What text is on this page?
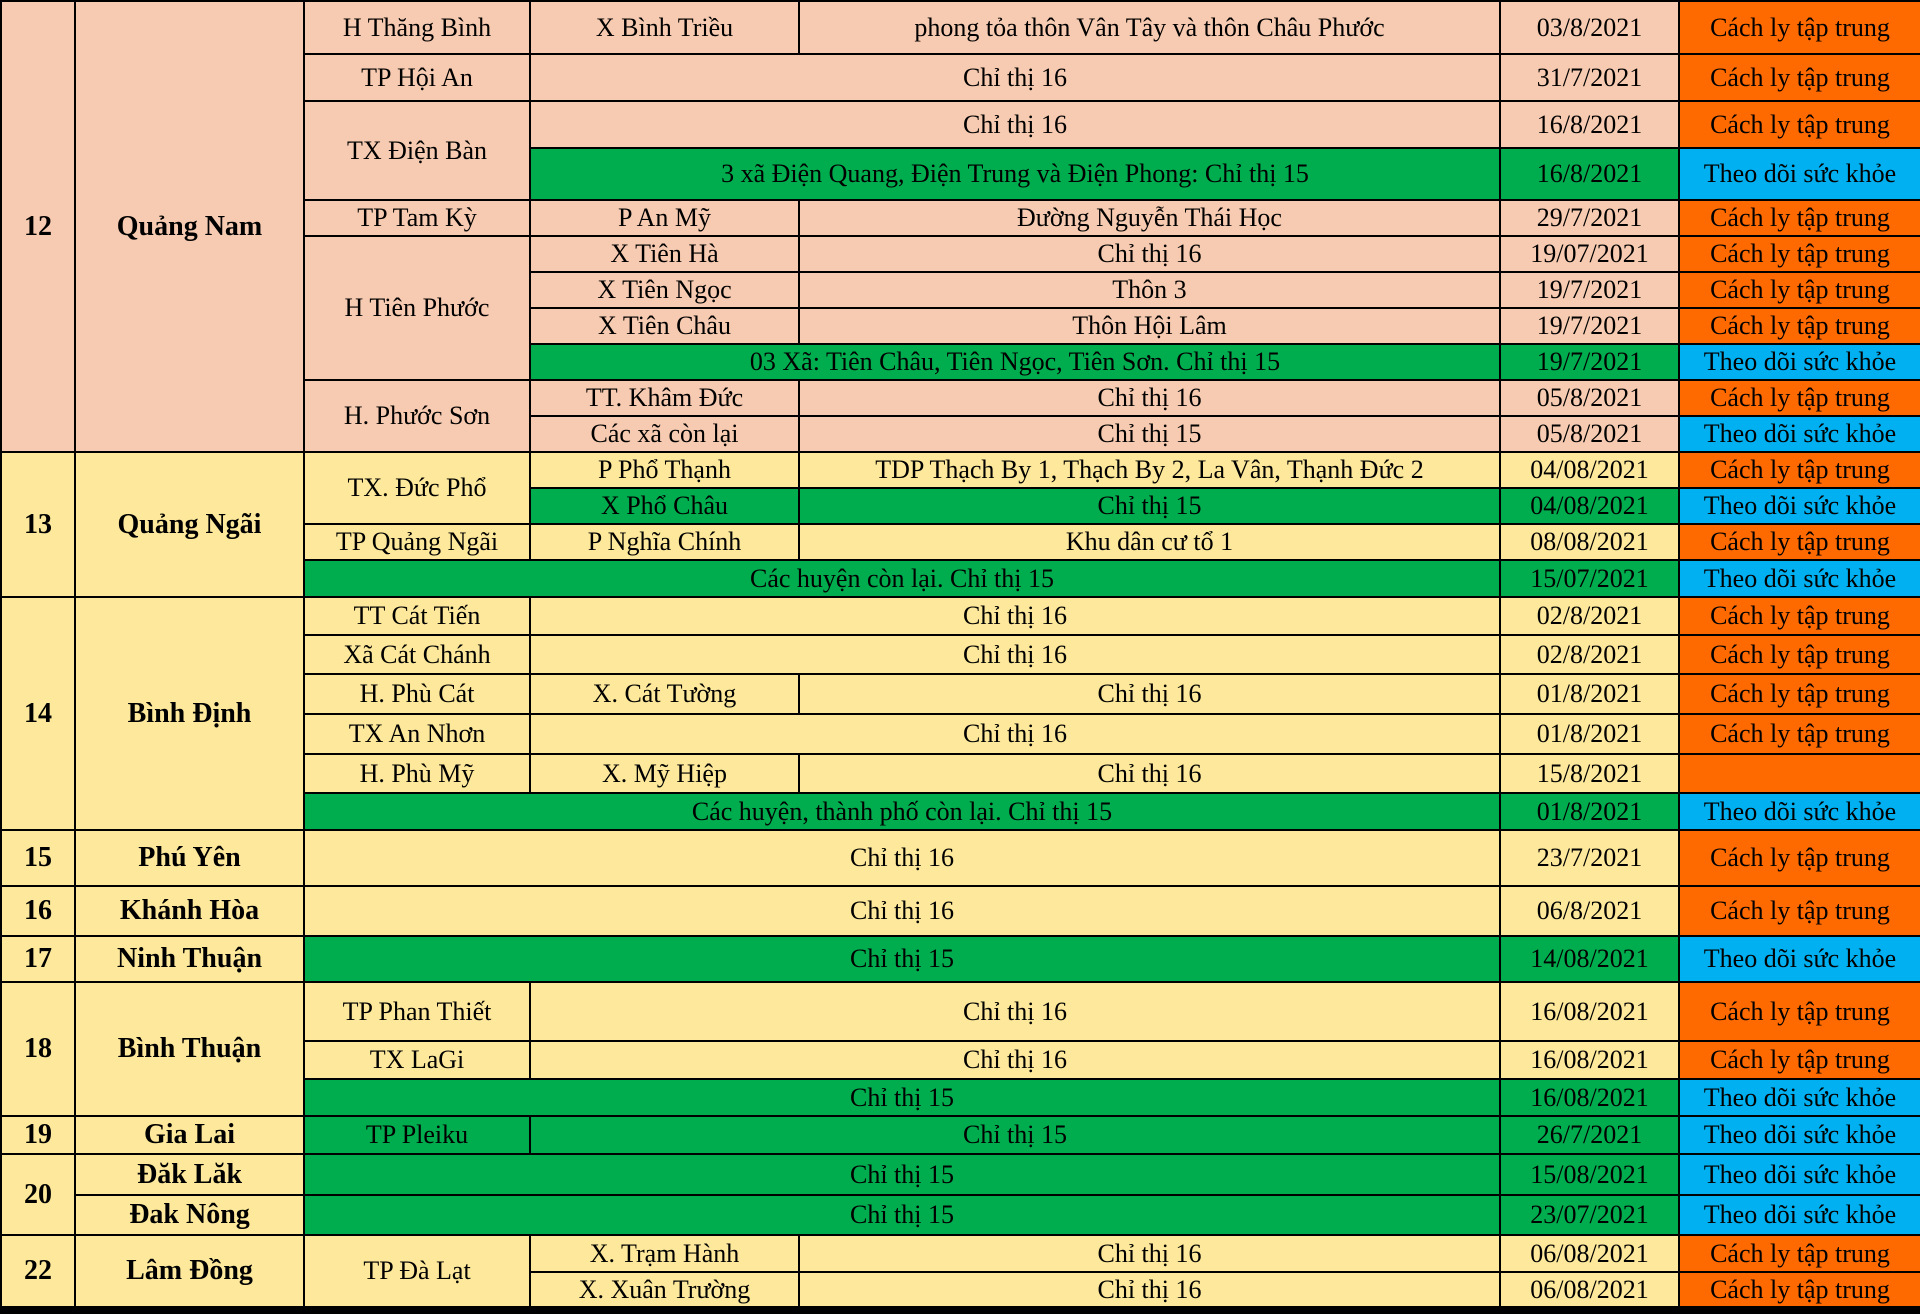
12	Quảng Nam	H Thăng Bình	X Bình Triều	phong tỏa thôn Vân Tây và thôn Châu Phước	03/8/2021	Cách ly tập trung
		TP Hội An	Chỉ thị 16		31/7/2021	Cách ly tập trung
		TX Điện Bàn	Chỉ thị 16		16/8/2021	Cách ly tập trung
			3 xã Điện Quang, Điện Trung và Điện Phong: Chỉ thị 15		16/8/2021	Theo dõi sức khỏe
		TP Tam Kỳ	P An Mỹ	Đường Nguyễn Thái Học	29/7/2021	Cách ly tập trung
		H Tiên Phước	X Tiên Hà	Chỉ thị 16	19/07/2021	Cách ly tập trung
			X Tiên Ngọc	Thôn 3	19/7/2021	Cách ly tập trung
			X Tiên Châu	Thôn Hội Lâm	19/7/2021	Cách ly tập trung
			03 Xã: Tiên Châu, Tiên Ngọc, Tiên Sơn. Chỉ thị 15		19/7/2021	Theo dõi sức khỏe
		H. Phước Sơn	TT. Khâm Đức	Chỉ thị 16	05/8/2021	Cách ly tập trung
			Các xã còn lại	Chỉ thị 15	05/8/2021	Theo dõi sức khỏe
13	Quảng Ngãi	TX. Đức Phổ	P Phổ Thạnh	TDP Thạch By 1, Thạch By 2, La Vân, Thạnh Đức 2	04/08/2021	Cách ly tập trung
			X Phổ Châu	Chỉ thị 15	04/08/2021	Theo dõi sức khỏe
		TP Quảng Ngãi	P Nghĩa Chính	Khu dân cư tổ 1	08/08/2021	Cách ly tập trung
		Các huyện còn lại. Chỉ thị 15			15/07/2021	Theo dõi sức khỏe
14	Bình Định	TT Cát Tiến	Chỉ thị 16		02/8/2021	Cách ly tập trung
		Xã Cát Chánh	Chỉ thị 16		02/8/2021	Cách ly tập trung
		H. Phù Cát	X. Cát Tường	Chỉ thị 16	01/8/2021	Cách ly tập trung
		TX An Nhơn	Chỉ thị 16		01/8/2021	Cách ly tập trung
		H. Phù Mỹ	X. Mỹ Hiệp	Chỉ thị 16	15/8/2021	
		Các huyện, thành phố còn lại. Chỉ thị 15			01/8/2021	Theo dõi sức khỏe
15	Phú Yên	Chỉ thị 16			23/7/2021	Cách ly tập trung
16	Khánh Hòa	Chỉ thị 16			06/8/2021	Cách ly tập trung
17	Ninh Thuận	Chỉ thị 15			14/08/2021	Theo dõi sức khỏe
18	Bình Thuận	TP Phan Thiết	Chỉ thị 16		16/08/2021	Cách ly tập trung
		TX LaGi	Chỉ thị 16		16/08/2021	Cách ly tập trung
		Chỉ thị 15			16/08/2021	Theo dõi sức khỏe
19	Gia Lai	TP Pleiku	Chỉ thị 15		26/7/2021	Theo dõi sức khỏe
20	Đăk Lăk	Chỉ thị 15			15/08/2021	Theo dõi sức khỏe
	Đak Nông	Chỉ thị 15			23/07/2021	Theo dõi sức khỏe
22	Lâm Đồng	TP Đà Lạt	X. Trạm Hành	Chỉ thị 16	06/08/2021	Cách ly tập trung
			X. Xuân Trường	Chỉ thị 16	06/08/2021	Cách ly tập trung
